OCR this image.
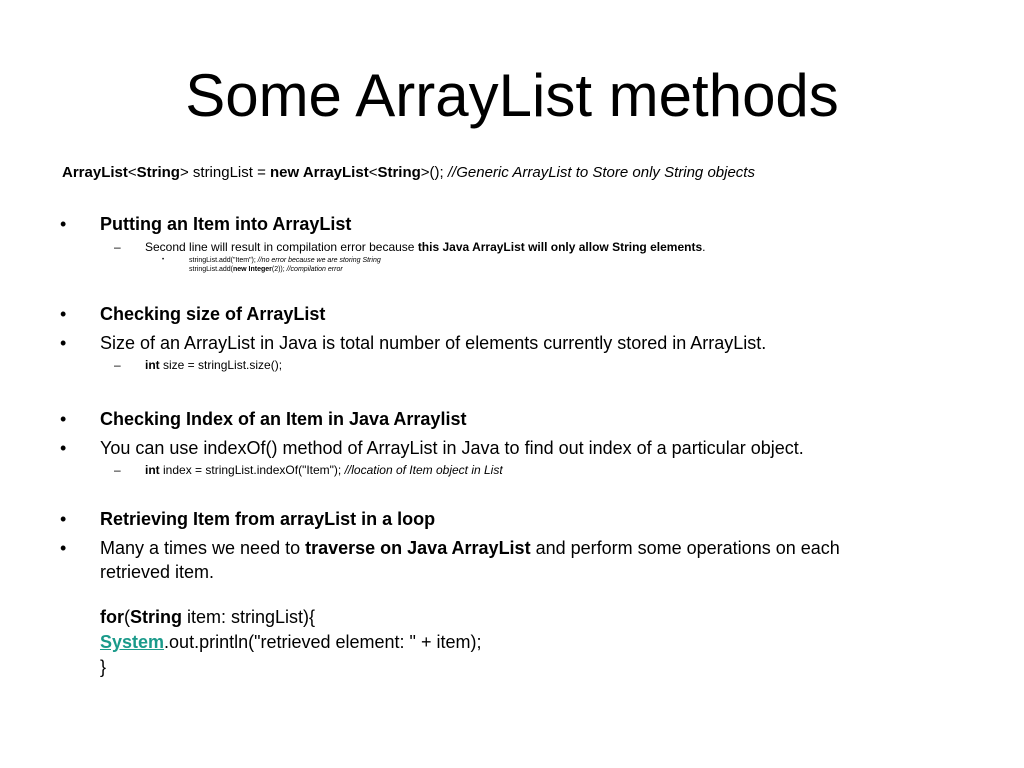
Some ArrayList methods
ArrayList<String> stringList = new ArrayList<String>(); //Generic ArrayList to Store only String objects
• Putting an Item into ArrayList
– Second line will result in compilation error because this Java ArrayList will only allow String elements.
•	stringList.add("Item"); //no error because we are storing String
stringList.add(new Integer(2)); //compilation error
• Checking size of ArrayList
• Size of an ArrayList in Java is total number of elements currently stored in ArrayList.
– int size = stringList.size();
• Checking Index of an Item in Java Arraylist
• You can use indexOf() method of ArrayList in Java to find out index of a particular object.
– int index = stringList.indexOf("Item"); //location of Item object in List
• Retrieving Item from arrayList in a loop
• Many a times we need to traverse on Java ArrayList and perform some operations on each
retrieved item.
for(String item: stringList){
System.out.println("retrieved element: " + item);
}
